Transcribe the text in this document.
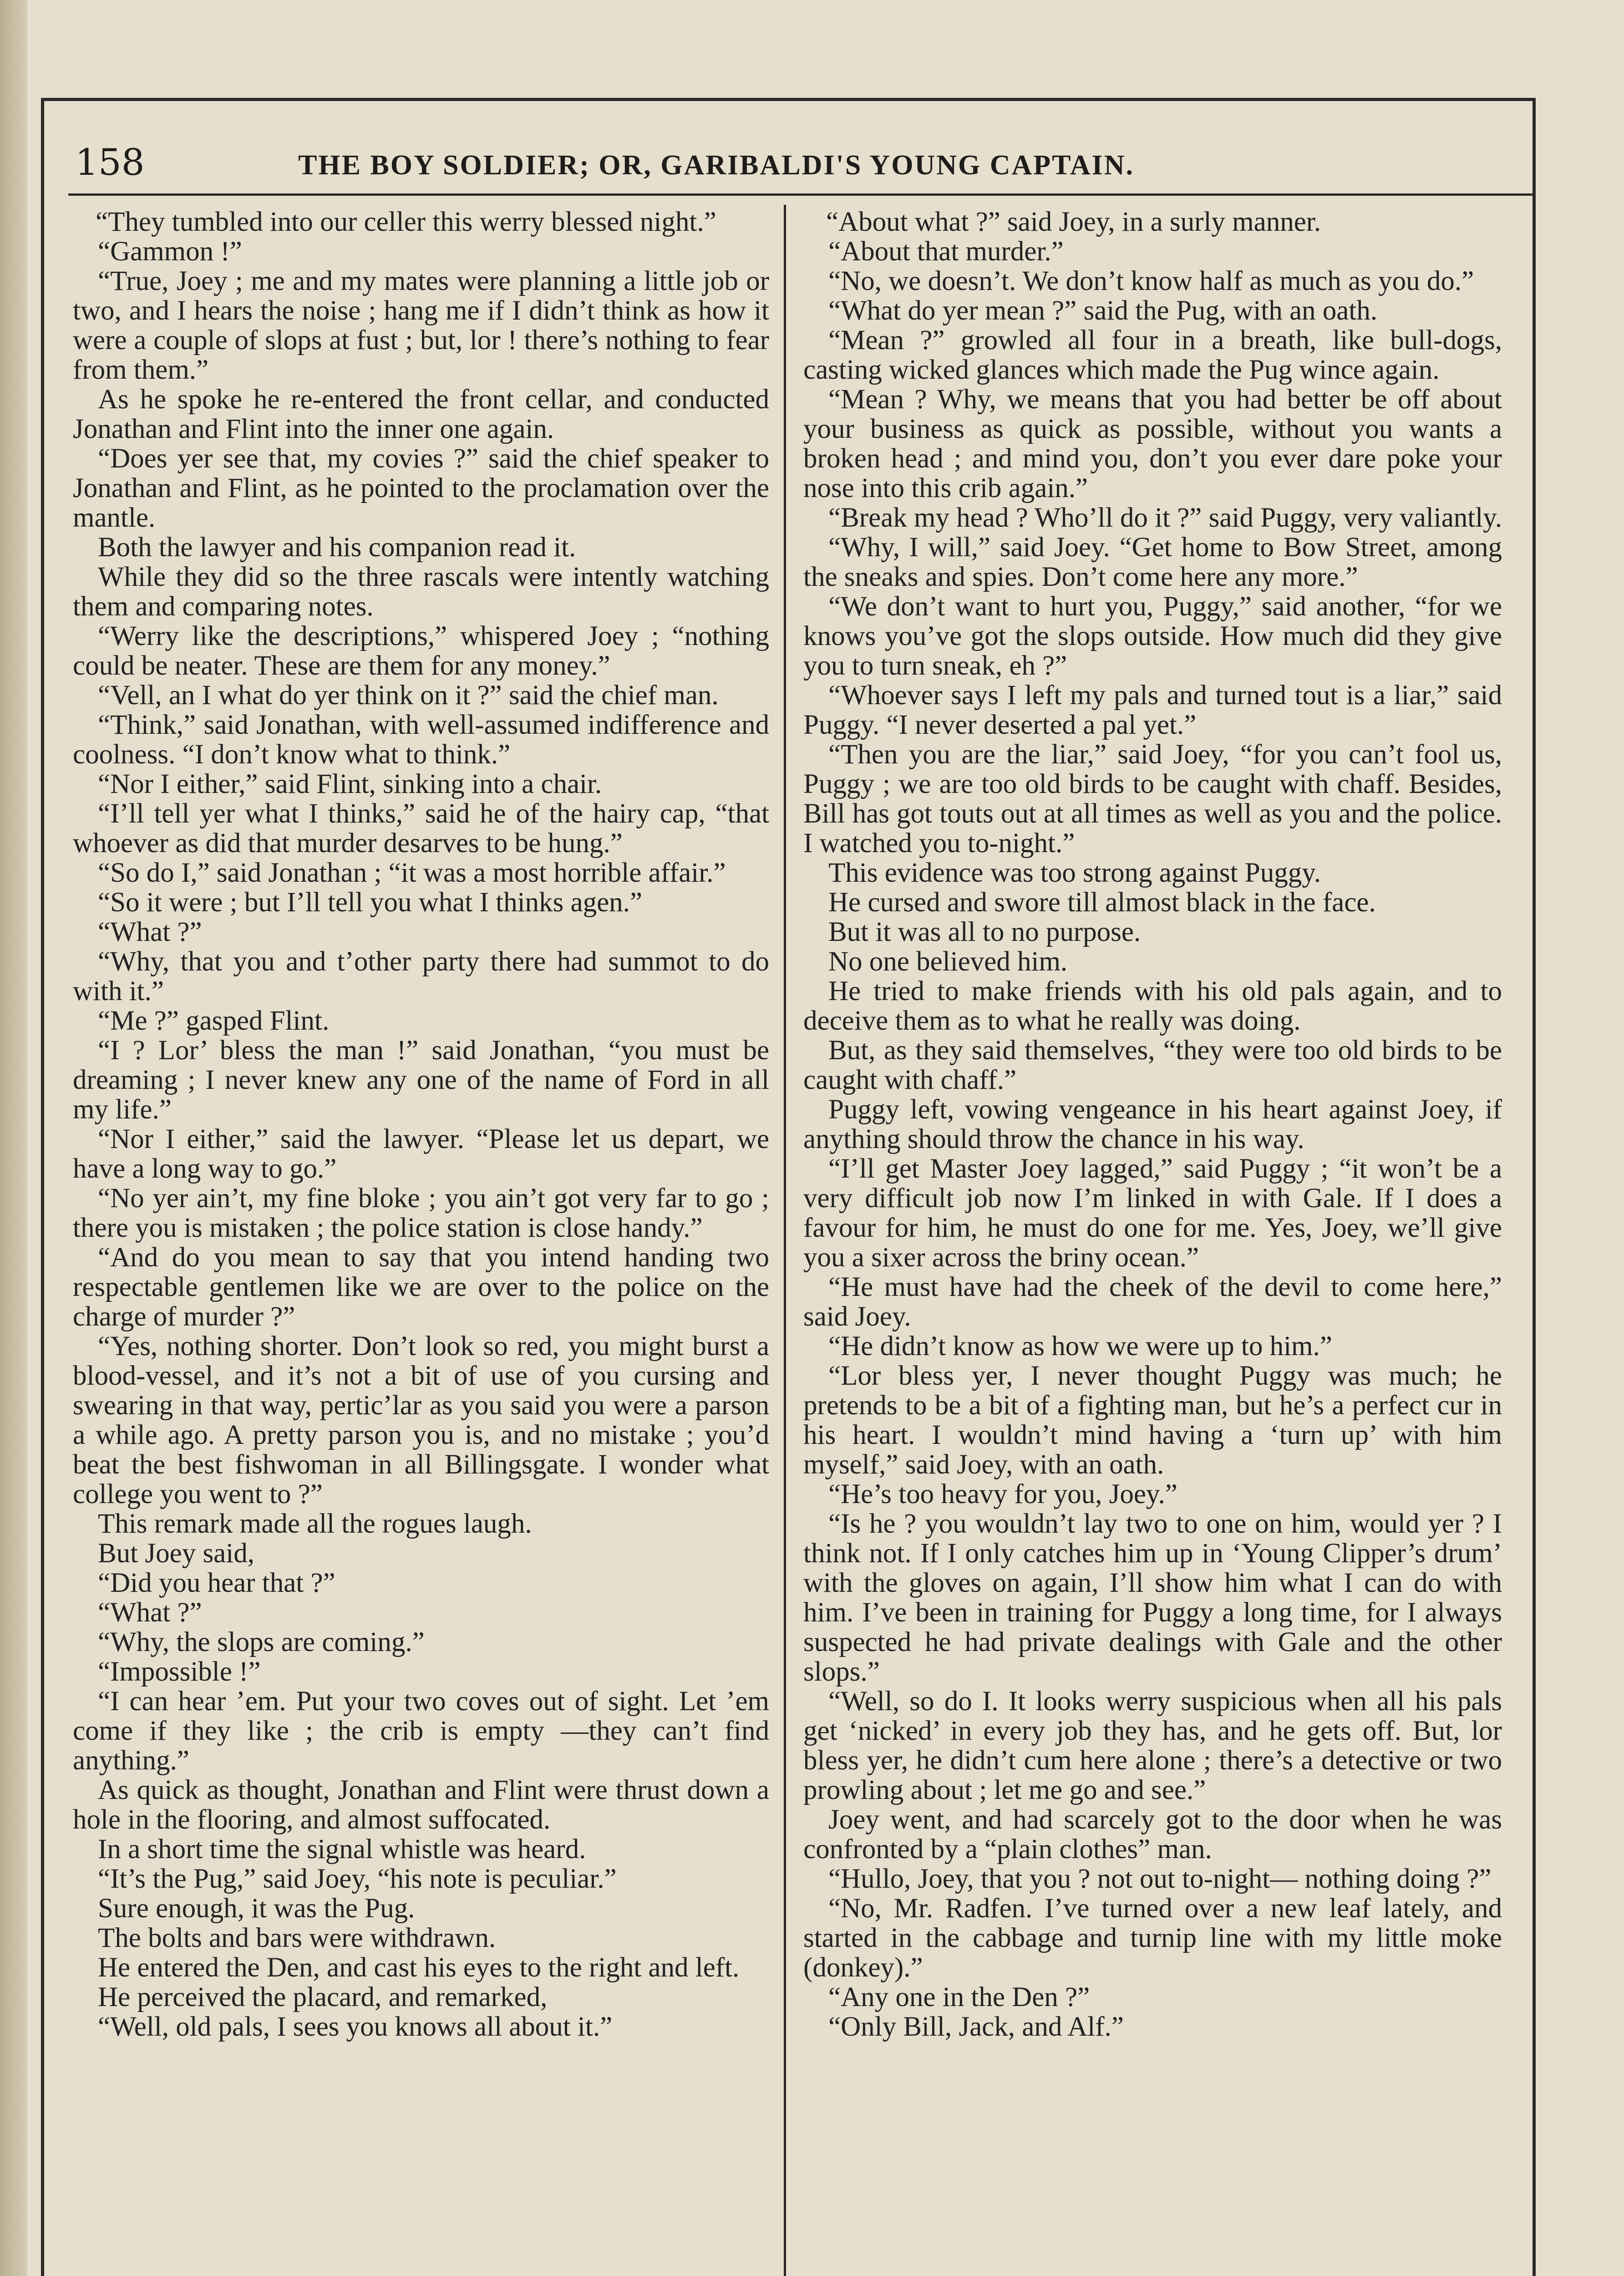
158	THE BOY SOLDIER; OR, GARIBALDI'S YOUNG CAPTAIN.

“They tumbled into our celler this werry blessed night.”

“Gammon !”

“True, Joey ; me and my mates were planning a little job or two, and I hears the noise ; hang me if I didn’t think as how it were a couple of slops at fust ; but, lor ! there’s nothing to fear from them.”

As he spoke he re-entered the front cellar, and conducted Jonathan and Flint into the inner one again.

“Does yer see that, my covies ?” said the chief speaker to Jonathan and Flint, as he pointed to the proclamation over the mantle.

Both the lawyer and his companion read it.

While they did so the three rascals were intently watching them and comparing notes.

“Werry like the descriptions,” whispered Joey ; “nothing could be neater. These are them for any money.”

“Vell, an I what do yer think on it ?” said the chief man.

“Think,” said Jonathan, with well-assumed indifference and coolness. “I don’t know what to think.”

“Nor I either,” said Flint, sinking into a chair.

“I’ll tell yer what I thinks,” said he of the hairy cap, “that whoever as did that murder desarves to be hung.”

“So do I,” said Jonathan ; “it was a most horrible affair.”

“So it were ; but I’ll tell you what I thinks agen.”

“What ?”

“Why, that you and t’other party there had summot to do with it.”

“Me ?” gasped Flint.

“I ? Lor’ bless the man !” said Jonathan, “you must be dreaming ; I never knew any one of the name of Ford in all my life.”

“Nor I either,” said the lawyer. “Please let us depart, we have a long way to go.”

“No yer ain’t, my fine bloke ; you ain’t got very far to go ; there you is mistaken ; the police station is close handy.”

“And do you mean to say that you intend handing two respectable gentlemen like we are over to the police on the charge of murder ?”

“Yes, nothing shorter. Don’t look so red, you might burst a blood-vessel, and it’s not a bit of use of you cursing and swearing in that way, pertic’lar as you said you were a parson a while ago. A pretty parson you is, and no mistake ; you’d beat the best fishwoman in all Billingsgate. I wonder what college you went to ?”

This remark made all the rogues laugh.

But Joey said,

“Did you hear that ?”

“What ?”

“Why, the slops are coming.”

“Impossible !”

“I can hear ’em. Put your two coves out of sight. Let ’em come if they like ; the crib is empty —they can’t find anything.”

As quick as thought, Jonathan and Flint were thrust down a hole in the flooring, and almost suffocated.

In a short time the signal whistle was heard.

“It’s the Pug,” said Joey, “his note is peculiar.”

Sure enough, it was the Pug.

The bolts and bars were withdrawn.

He entered the Den, and cast his eyes to the right and left.

He perceived the placard, and remarked,

“Well, old pals, I sees you knows all about it.”

“About what ?” said Joey, in a surly manner.

“About that murder.”

“No, we doesn’t. We don’t know half as much as you do.”

“What do yer mean ?” said the Pug, with an oath.

“Mean ?” growled all four in a breath, like bull-dogs, casting wicked glances which made the Pug wince again.

“Mean ? Why, we means that you had better be off about your business as quick as possible, without you wants a broken head ; and mind you, don’t you ever dare poke your nose into this crib again.”

“Break my head ? Who’ll do it ?” said Puggy, very valiantly.

“Why, I will,” said Joey. “Get home to Bow Street, among the sneaks and spies. Don’t come here any more.”

“We don’t want to hurt you, Puggy,” said another, “for we knows you’ve got the slops outside. How much did they give you to turn sneak, eh ?”

“Whoever says I left my pals and turned tout is a liar,” said Puggy. “I never deserted a pal yet.”

“Then you are the liar,” said Joey, “for you can’t fool us, Puggy ; we are too old birds to be caught with chaff. Besides, Bill has got touts out at all times as well as you and the police. I watched you to-night.”

This evidence was too strong against Puggy.

He cursed and swore till almost black in the face.

But it was all to no purpose.

No one believed him.

He tried to make friends with his old pals again, and to deceive them as to what he really was doing.

But, as they said themselves, “they were too old birds to be caught with chaff.”

Puggy left, vowing vengeance in his heart against Joey, if anything should throw the chance in his way.

“I’ll get Master Joey lagged,” said Puggy ; “it won’t be a very difficult job now I’m linked in with Gale. If I does a favour for him, he must do one for me. Yes, Joey, we’ll give you a sixer across the briny ocean.”

“He must have had the cheek of the devil to come here,” said Joey.

“He didn’t know as how we were up to him.”

“Lor bless yer, I never thought Puggy was much; he pretends to be a bit of a fighting man, but he’s a perfect cur in his heart. I wouldn’t mind having a ‘turn up’ with him myself,” said Joey, with an oath.

“He’s too heavy for you, Joey.”

“Is he ? you wouldn’t lay two to one on him, would yer ? I think not. If I only catches him up in ‘Young Clipper’s drum’ with the gloves on again, I’ll show him what I can do with him. I’ve been in training for Puggy a long time, for I always suspected he had private dealings with Gale and the other slops.”

“Well, so do I. It looks werry suspicious when all his pals get ‘nicked’ in every job they has, and he gets off. But, lor bless yer, he didn’t cum here alone ; there’s a detective or two prowling about ; let me go and see.”

Joey went, and had scarcely got to the door when he was confronted by a “plain clothes” man.

“Hullo, Joey, that you ? not out to-night— nothing doing ?”

“No, Mr. Radfen. I’ve turned over a new leaf lately, and started in the cabbage and turnip line with my little moke (donkey).”

“Any one in the Den ?”

“Only Bill, Jack, and Alf.”
